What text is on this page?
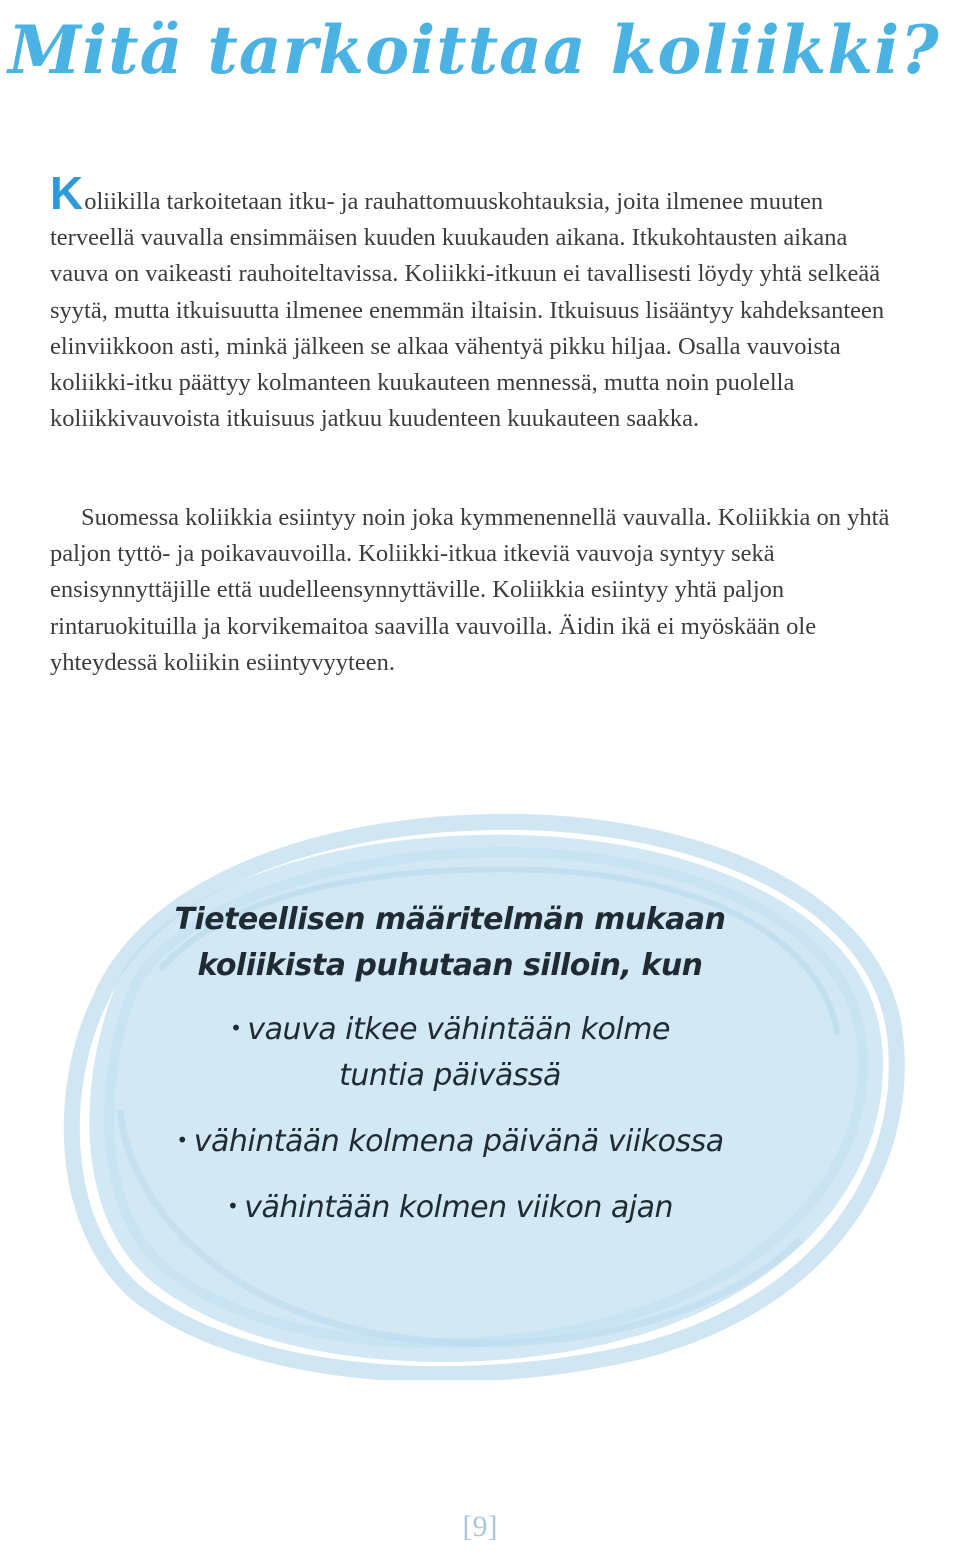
Mitä tarkoittaa koliikki?

Koliikilla tarkoitetaan itku- ja rauhattomuuskohtauksia, joita ilmenee muuten terveellä vauvalla ensimmäisen kuuden kuukauden aikana. Itkukohtausten aikana vauva on vaikeasti rauhoiteltavissa. Koliikki-itkuun ei tavallisesti löydy yhtä selkeää syytä, mutta itkuisuutta ilmenee enemmän iltaisin. Itkuisuus lisääntyy kahdeksanteen elinviikkoon asti, minkä jälkeen se alkaa vähentyä pikku hiljaa. Osalla vauvoista koliikki-itku päättyy kolmanteen kuukauteen mennessä, mutta noin puolella koliikkivauvoista itkuisuus jatkuu kuudenteen kuukauteen saakka.

Suomessa koliikkia esiintyy noin joka kymmenennellä vauvalla. Koliikkia on yhtä paljon tyttö- ja poikavauvoilla. Koliikki-itkua itkeviä vauvoja syntyy sekä ensisynnyttäjille että uudelleensynnyttäville. Koliikkia esiintyy yhtä paljon rintaruokituilla ja korvikemaitoa saavilla vauvoilla. Äidin ikä ei myöskään ole yhteydessä koliikin esiintyvyyteen.

Tieteellisen määritelmän mukaan
koliikista puhutaan silloin, kun

• vauva itkee vähintään kolme
tuntia päivässä
• vähintään kolmena päivänä viikossa
• vähintään kolmen viikon ajan

[9]
